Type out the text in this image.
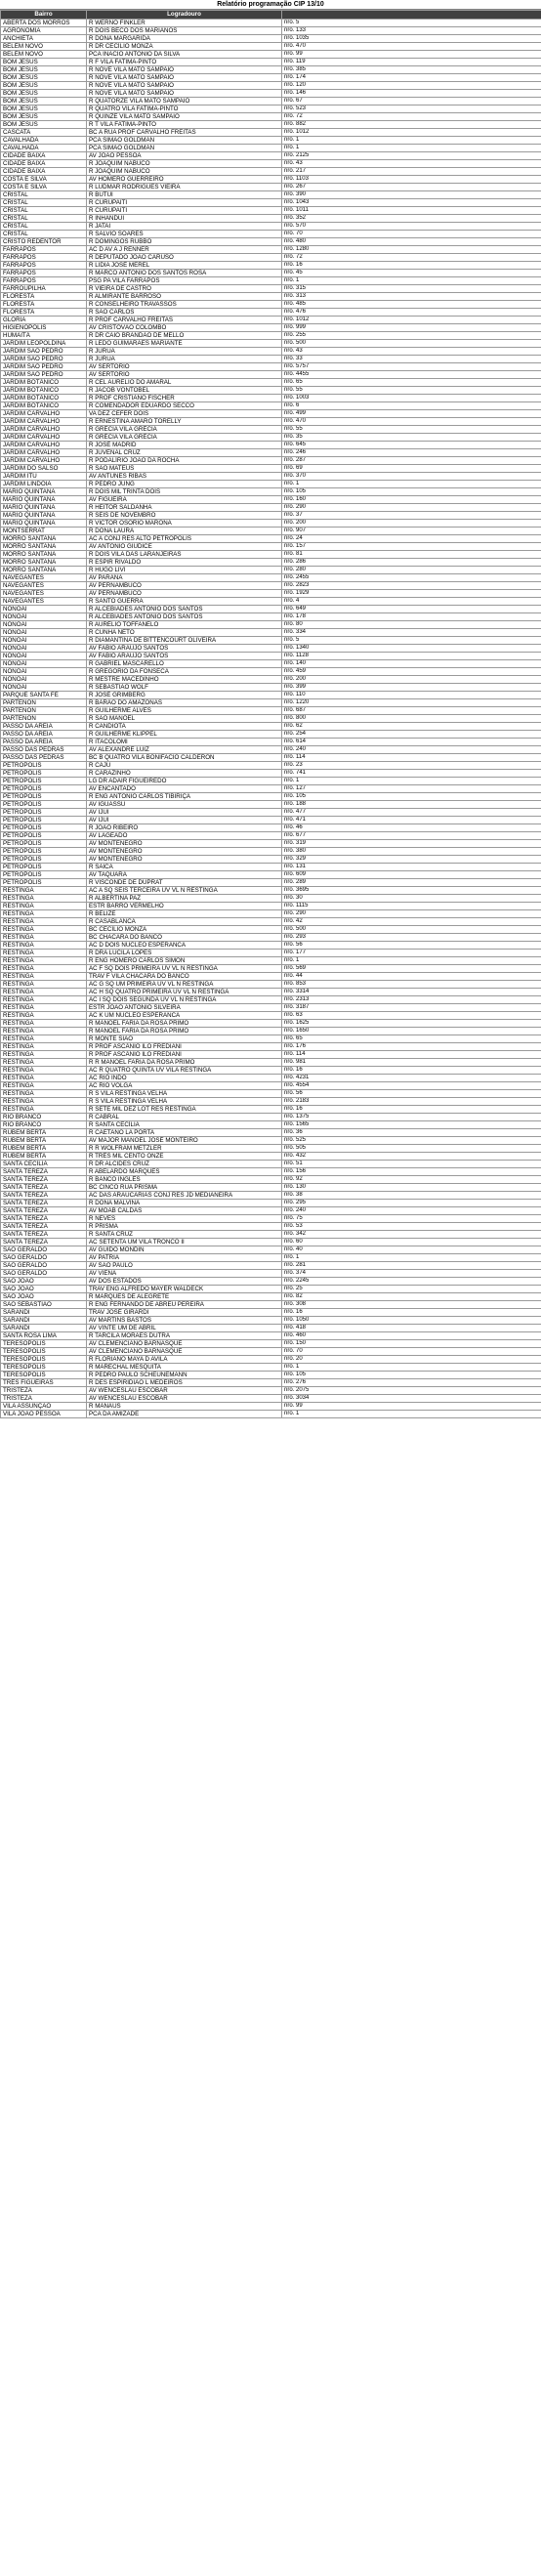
Relatório programação CIP 13/10
Bairro	Logradouro	
ABERTA DOS MORROS	R WERNO FINKLER	nro. 5
AGRONOMIA	R DOIS BECO DOS MARIANOS	nro. 133
ANCHIETA	R DONA MARGARIDA	nro. 1035
BELÉM NOVO	R DR CECÍLIO MONZA	nro. 470
BELÉM NOVO	PCA INACIO ANTONIO DA SILVA	nro. 99
BOM JESUS	R F VILA FATIMA-PINTO	nro. 119
BOM JESUS	R NOVE VILA MATO SAMPAIO	nro. 385
BOM JESUS	R NOVE VILA MATO SAMPAIO	nro. 174
BOM JESUS	R NOVE VILA MATO SAMPAIO	nro. 120
BOM JESUS	R NOVE VILA MATO SAMPAIO	nro. 146
BOM JESUS	R QUATORZE VILA MATO SAMPAIO	nro. 67
BOM JESUS	R QUATRO VILA FATIMA-PINTO	nro. 523
BOM JESUS	R QUINZE VILA MATO SAMPAIO	nro. 72
BOM JESUS	R T VILA FATIMA-PINTO	nro. 882
CASCATA	BC A RUA PROF CARVALHO FREITAS	nro. 1012
CAVALHADA	PCA SIMÃO GOLDMAN	nro. 1
CAVALHADA	PCA SIMÃO GOLDMAN	nro. 1
CIDADE BAIXA	AV JOÃO PESSOA	nro. 2125
CIDADE BAIXA	R JOAQUIM NABUCO	nro. 43
CIDADE BAIXA	R JOAQUIM NABUCO	nro. 217
COSTA E SILVA	AV HOMERO GUERREIRO	nro. 1103
COSTA E SILVA	R LUDMAR RODRIGUES VIEIRA	nro. 267
CRISTAL	R BUTUI	nro. 390
CRISTAL	R CURUPAITI	nro. 1043
CRISTAL	R CURUPAITI	nro. 1011
CRISTAL	R INHANDUI	nro. 352
CRISTAL	R JATAI	nro. 570
CRISTAL	R SALVIO SOARES	nro. 70
CRISTO REDENTOR	R DOMINGOS RUBBO	nro. 480
FARRAPOS	AC D AV A J RENNER	nro. 1280
FARRAPOS	R DEPUTADO JOÃO CARUSO	nro. 72
FARRAPOS	R LIDIA JOSÉ MEREL	nro. 16
FARRAPOS	R MARCO ANTÔNIO DOS SANTOS ROSA	nro. 45
FARRAPOS	PSG PA VILA FARRAPOS	nro. 1
FARROUPILHA	R VIEIRA DE CASTRO	nro. 315
FLORESTA	R ALMIRANTE BARROSO	nro. 313
FLORESTA	R CONSELHEIRO TRAVASSOS	nro. 485
FLORESTA	R SÃO CARLOS	nro. 476
GLÓRIA	R PROF CARVALHO FREITAS	nro. 1012
HIGIENÓPOLIS	AV CRISTÓVÃO COLOMBO	nro. 999
HUMAITÁ	R DR CAIO BRANDÃO DE MELLO	nro. 255
JARDIM LEOPOLDINA	R LEDO GUIMARÃES MARIANTE	nro. 500
JARDIM SÃO PEDRO	R JURUA	nro. 43
JARDIM SÃO PEDRO	R JURUA	nro. 33
JARDIM SÃO PEDRO	AV SERTORIO	nro. 5757
JARDIM SÃO PEDRO	AV SERTORIO	nro. 4455
JARDIM BOTÂNICO	R CEL AURELIO DO AMARAL	nro. 65
JARDIM BOTÂNICO	R JACOB VONTOBEL	nro. 55
JARDIM BOTÂNICO	R PROF CRISTIANO FISCHER	nro. 1003
JARDIM BOTÂNICO	R COMENDADOR EDUARDO SECCO	nro. 6
JARDIM CARVALHO	VA DEZ CEFER DOIS	nro. 499
JARDIM CARVALHO	R ERNESTINA AMARO TORELLY	nro. 470
JARDIM CARVALHO	R GRÉCIA VILA GRÉCIA	nro. 55
JARDIM CARVALHO	R GRÉCIA VILA GRÉCIA	nro. 35
JARDIM CARVALHO	R JOSÉ MADRID	nro. 645
JARDIM CARVALHO	R JUVENAL CRUZ	nro. 246
JARDIM CARVALHO	R PODALÍRIO JOÃO DA ROCHA	nro. 287
JARDIM DO SALSO	R SÃO MATEUS	nro. 69
JARDIM ITU	AV ANTUNES RIBAS	nro. 370
JARDIM LINDOIA	R PEDRO JUNG	nro. 1
MARIO QUINTANA	R DOIS MIL TRINTA DOIS	nro. 105
MARIO QUINTANA	AV FIGUEIRA	nro. 160
MARIO QUINTANA	R HEITOR SALDANHA	nro. 290
MARIO QUINTANA	R SEIS DE NOVEMBRO	nro. 37
MARIO QUINTANA	R VICTOR OSORIO MARONA	nro. 200
MONTSERRAT	R DONA LAURA	nro. 907
MORRO SANTANA	AC A CONJ RES ALTO PETROPOLIS	nro. 24
MORRO SANTANA	AV ANTONIO GIUDICE	nro. 157
MORRO SANTANA	R DOIS VILA DAS LARANJEIRAS	nro. 81
MORRO SANTANA	R ESPIR RIVALDO	nro. 286
MORRO SANTANA	R HUGO LIVI	nro. 280
NAVEGANTES	AV PARANA	nro. 2455
NAVEGANTES	AV PERNAMBUCO	nro. 2823
NAVEGANTES	AV PERNAMBUCO	nro. 1929
NAVEGANTES	R SANTO GUERRA	nro. 4
NONOAI	R ALCEBIADES ANTÔNIO DOS SANTOS	nro. 649
NONOAI	R ALCEBIADES ANTÔNIO DOS SANTOS	nro. 178
NONOAI	R AURÉLIO TOFFANELO	nro. 80
NONOAI	R CUNHA NETO	nro. 334
NONOAI	R DIAMANTINA DE BITTENCOURT OLIVEIRA	nro. 5
NONOAI	AV FABIO ARAUJO SANTOS	nro. 1340
NONOAI	AV FABIO ARAUJO SANTOS	nro. 1128
NONOAI	R GABRIEL MASCARELLO	nro. 140
NONOAI	R GREGÓRIO DA FONSECA	nro. 459
NONOAI	R MESTRE MACEDINHO	nro. 200
NONOAI	R SEBASTIÃO WOLF	nro. 399
PARQUE SANTA FÉ	R JOSÉ GRIMBERG	nro. 110
PARTENON	R BARÃO DO AMAZONAS	nro. 1220
PARTENON	R GUILHERME ALVES	nro. 687
PARTENON	R SÃO MANOEL	nro. 800
PASSO DA AREIA	R CANDIOTA	nro. 62
PASSO DA AREIA	R GUILHERME KLIPPEL	nro. 254
PASSO DA AREIA	R ITACOLOMI	nro. 614
PASSO DAS PEDRAS	AV ALEXANDRE LUIZ	nro. 240
PASSO DAS PEDRAS	BC B QUATRO VILA BONIFACIO CALDERON	nro. 114
PETRÓPOLIS	R CAJU	nro. 23
PETRÓPOLIS	R CARAZINHO	nro. 741
PETRÓPOLIS	LG DR ADAIR FIGUEIREDO	nro. 1
PETRÓPOLIS	AV ENCANTADO	nro. 127
PETRÓPOLIS	R ENG ANTÔNIO CARLOS TIBIRIÇA	nro. 105
PETRÓPOLIS	AV IGUASSU	nro. 188
PETRÓPOLIS	AV IJUI	nro. 477
PETRÓPOLIS	AV IJUI	nro. 471
PETRÓPOLIS	R JOÃO RIBEIRO	nro. 46
PETRÓPOLIS	AV LAGEADO	nro. 677
PETRÓPOLIS	AV MONTENEGRO	nro. 319
PETRÓPOLIS	AV MONTENEGRO	nro. 380
PETRÓPOLIS	AV MONTENEGRO	nro. 329
PETRÓPOLIS	R SAICA	nro. 131
PETRÓPOLIS	AV TAQUARA	nro. 609
PETRÓPOLIS	R VISCONDE DE DUPRAT	nro. 289
RESTINGA	AC A SQ SEIS TERCEIRA UV VL N RESTINGA	nro. 3695
RESTINGA	R ALBERTINA PAZ	nro. 30
RESTINGA	ESTR BARRO VERMELHO	nro. 1115
RESTINGA	R BELIZE	nro. 290
RESTINGA	R CASABLANCA	nro. 42
RESTINGA	BC CECÍLIO MONZA	nro. 500
RESTINGA	BC CHACARA DO BANCO	nro. 293
RESTINGA	AC D DOIS NUCLEO ESPERANCA	nro. 56
RESTINGA	R DRA LUCILA LOPES	nro. 177
RESTINGA	R ENG HOMERO CARLOS SIMON	nro. 1
RESTINGA	AC F SQ DOIS PRIMEIRA UV VL N RESTINGA	nro. 569
RESTINGA	TRAV F VILA CHACARA DO BANCO	nro. 44
RESTINGA	AC G SQ UM PRIMEIRA UV VL N RESTINGA	nro. 853
RESTINGA	AC H SQ QUATRO PRIMEIRA UV VL N RESTINGA	nro. 3314
RESTINGA	AC I SQ DOIS SEGUNDA UV VL N RESTINGA	nro. 2313
RESTINGA	ESTR JOÃO ANTÔNIO SILVEIRA	nro. 3187
RESTINGA	AC K UM NUCLEO ESPERANCA	nro. 63
RESTINGA	R MANOEL FARIA DA ROSA PRIMO	nro. 1625
RESTINGA	R MANOEL FARIA DA ROSA PRIMO	nro. 1650
RESTINGA	R MONTE SIÃO	nro. 65
RESTINGA	R PROF ASCÂNIO ILO FREDIANI	nro. 176
RESTINGA	R PROF ASCÂNIO ILO FREDIANI	nro. 114
RESTINGA	R R MANOEL FARIA DA ROSA PRIMO	nro. 981
RESTINGA	AC R QUATRO QUINTA UV VILA RESTINGA	nro. 16
RESTINGA	AC RIO INDO	nro. 4231
RESTINGA	AC RIO VOLGA	nro. 4554
RESTINGA	R S VILA RESTINGA VELHA	nro. 56
RESTINGA	R S VILA RESTINGA VELHA	nro. 2183
RESTINGA	R SETE MIL DEZ LOT RES RESTINGA	nro. 16
RIO BRANCO	R CABRAL	nro. 1375
RIO BRANCO	R SANTA CECÍLIA	nro. 1565
RUBEM BERTA	R CAETANO LA PORTA	nro. 36
RUBEM BERTA	AV MAJOR MANOEL JOSÉ MONTEIRO	nro. 525
RUBEM BERTA	R R WOLFRAM METZLER	nro. 505
RUBEM BERTA	R TRÊS MIL CENTO ONZE	nro. 432
SANTA CECÍLIA	R DR ALCIDES CRUZ	nro. 51
SANTA TEREZA	R ABELARDO MARQUES	nro. 156
SANTA TEREZA	R BANCO INGLÊS	nro. 92
SANTA TEREZA	BC CINCO RUA PRISMA	nro. 130
SANTA TEREZA	AC DAS ARAUCARIAS CONJ RES JD MEDIANEIRA	nro. 38
SANTA TEREZA	R DONA MALVINA	nro. 295
SANTA TEREZA	AV MOAB CALDAS	nro. 240
SANTA TEREZA	R NEVES	nro. 75
SANTA TEREZA	R PRISMA	nro. 53
SANTA TEREZA	R SANTA CRUZ	nro. 342
SANTA TEREZA	AC SETENTA UM VILA TRONCO II	nro. 60
SÃO GERALDO	AV GUIDO MONDIN	nro. 40
SÃO GERALDO	AV PATRIA	nro. 1
SÃO GERALDO	AV SÃO PAULO	nro. 281
SÃO GERALDO	AV VIENA	nro. 374
SÃO JOÃO	AV DOS ESTADOS	nro. 2245
SÃO JOÃO	TRAV ENG ALFREDO MAYER WALDECK	nro. 25
SÃO JOÃO	R MARQUES DE ALEGRETE	nro. 82
SÃO SEBASTIÃO	R ENG FERNANDO DE ABREU PEREIRA	nro. 308
SARANDI	TRAV JOSÉ GIRARDI	nro. 16
SARANDI	AV MARTINS BASTOS	nro. 1050
SARANDI	AV VINTE UM DE ABRIL	nro. 418
SANTA ROSA LIMA	R TARCILA MORAES DUTRA	nro. 460
TERESÓPOLIS	AV CLEMENCIANO BARNASQUE	nro. 150
TERESÓPOLIS	AV CLEMENCIANO BARNASQUE	nro. 70
TERESÓPOLIS	R FLORIANO MAYA D AVILA	nro. 20
TERESÓPOLIS	R MARECHAL MESQUITA	nro. 1
TERESÓPOLIS	R PEDRO PAULO SCHEUNEMANN	nro. 105
TRÊS FIGUEIRAS	R DES ESPIRIDIÃO L MEDEIROS	nro. 276
TRISTEZA	AV WENCESLAU ESCOBAR	nro. 2075
TRISTEZA	AV WENCESLAU ESCOBAR	nro. 3034
VILA ASSUNÇÃO	R MANAUS	nro. 99
VILA JOÃO PESSOA	PCA DA AMIZADE	nro. 1
